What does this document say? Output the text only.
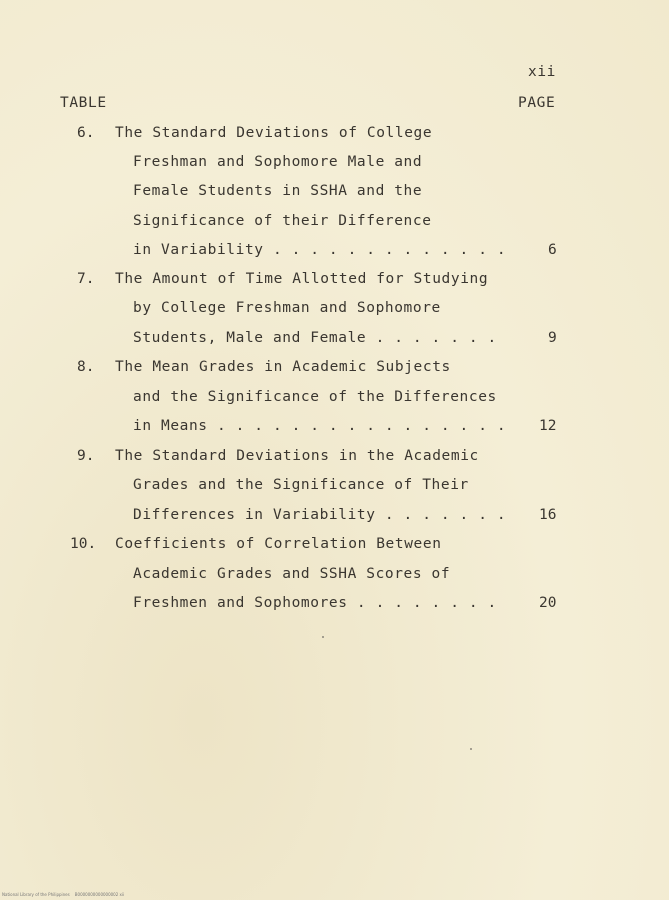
xii
TABLE	PAGE
6. The Standard Deviations of College
Freshman and Sophomore Male and
Female Students in SSHA and the
Significance of their Difference
in Variability . . . . . . . . . . . . .	6
7. The Amount of Time Allotted for Studying
by College Freshman and Sophomore
Students, Male and Female . . . . . . .	9
8. The Mean Grades in Academic Subjects
and the Significance of the Differences
in Means . . . . . . . . . . . . . . . . 12
9. The Standard Deviations in the Academic
Grades and the Significance of Their
Differences in Variability . . . . . . . 16
10. Coefficients of Correlation Between
Academic Grades and SSHA Scores of
Freshmen and Sophomores . . . . . . . .	20
National Library of the Philippines    B0000000000000002 xii
